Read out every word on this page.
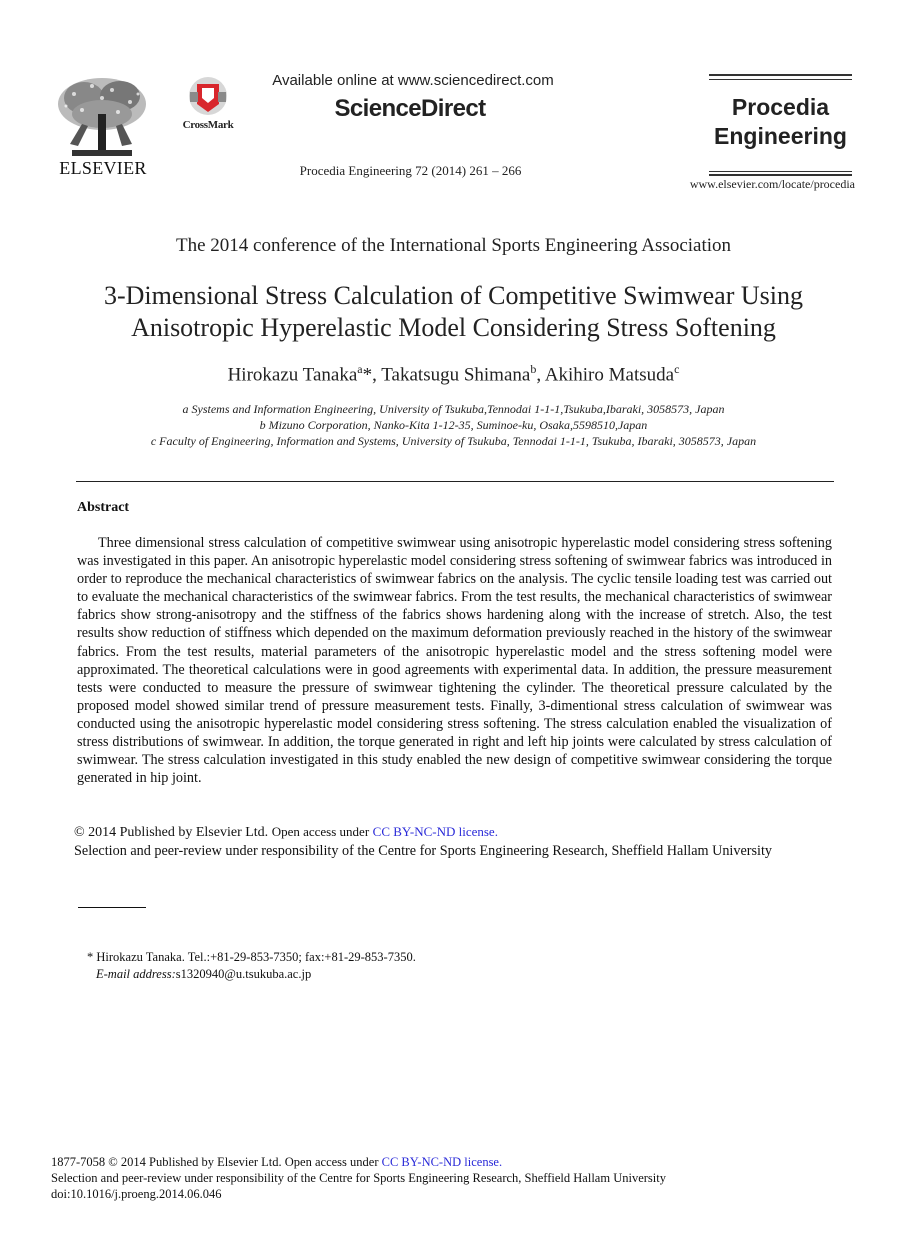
ELSEVIER
CrossMark
Available online at www.sciencedirect.com
ScienceDirect
Procedia Engineering 72 (2014) 261 – 266
Procedia
Engineering
www.elsevier.com/locate/procedia
The 2014 conference of the International Sports Engineering Association
3-Dimensional Stress Calculation of Competitive Swimwear Using
Anisotropic Hyperelastic Model Considering Stress Softening
Hirokazu Tanaka$^a$*, Takatsugu Shimana$^b$, Akihiro Matsuda$^c$
a Systems and Information Engineering, University of Tsukuba,Tennodai 1-1-1,Tsukuba,Ibaraki, 3058573, Japan
b Mizuno Corporation, Nanko-Kita 1-12-35, Suminoe-ku, Osaka,5598510,Japan
c Faculty of Engineering, Information and Systems, University of Tsukuba, Tennodai 1-1-1, Tsukuba, Ibaraki, 3058573, Japan
Abstract
Three dimensional stress calculation of competitive swimwear using anisotropic hyperelastic model considering stress softening was investigated in this paper. An anisotropic hyperelastic model considering stress softening of swimwear fabrics was introduced in order to reproduce the mechanical characteristics of swimwear fabrics on the analysis. The cyclic tensile loading test was carried out to evaluate the mechanical characteristics of the swimwear fabrics. From the test results, the mechanical characteristics of swimwear fabrics show strong-anisotropy and the stiffness of the fabrics shows hardening along with the increase of stretch. Also, the test results show reduction of stiffness which depended on the maximum deformation previously reached in the history of the swimwear fabrics. From the test results, material parameters of the anisotropic hyperelastic model and the stress softening model were approximated. The theoretical calculations were in good agreements with experimental data. In addition, the pressure measurement tests were conducted to measure the pressure of swimwear tightening the cylinder. The theoretical pressure calculated by the proposed model showed similar trend of pressure measurement tests. Finally, 3-dimentional stress calculation of swimwear was conducted using the anisotropic hyperelastic model considering stress softening. The stress calculation enabled the visualization of stress distributions of swimwear. In addition, the torque generated in right and left hip joints were calculated by stress calculation of swimwear. The stress calculation investigated in this study enabled the new design of competitive swimwear considering the torque generated in hip joint.
© 2014 Published by Elsevier Ltd. Open access under CC BY-NC-ND license.
Selection and peer-review under responsibility of the Centre for Sports Engineering Research, Sheffield Hallam University
* Hirokazu Tanaka. Tel.:+81-29-853-7350; fax:+81-29-853-7350.
E-mail address:s1320940@u.tsukuba.ac.jp
1877-7058 © 2014 Published by Elsevier Ltd. Open access under CC BY-NC-ND license.
Selection and peer-review under responsibility of the Centre for Sports Engineering Research, Sheffield Hallam University
doi:10.1016/j.proeng.2014.06.046
